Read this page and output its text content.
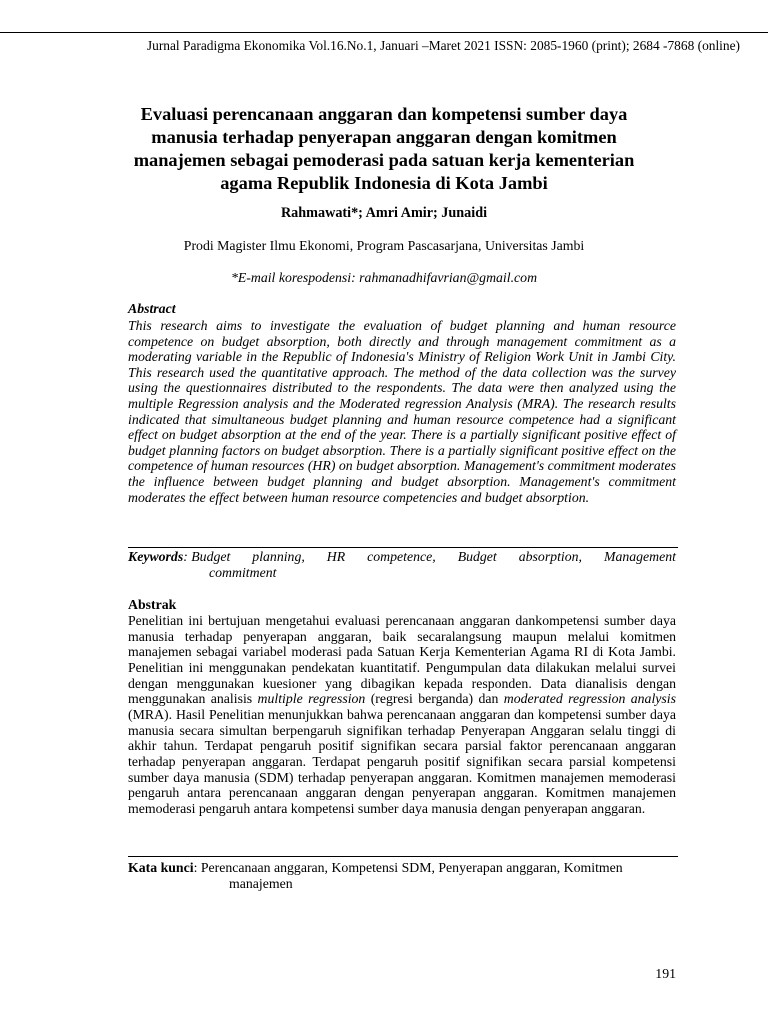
Jurnal Paradigma Ekonomika Vol.16.No.1, Januari –Maret 2021 ISSN: 2085-1960 (print); 2684 -7868 (online)
Evaluasi perencanaan anggaran dan kompetensi sumber daya
manusia terhadap penyerapan anggaran dengan komitmen
manajemen sebagai pemoderasi pada satuan kerja kementerian
agama Republik Indonesia di Kota Jambi
Rahmawati*; Amri Amir; Junaidi
Prodi Magister Ilmu Ekonomi, Program Pascasarjana, Universitas Jambi
*E-mail korespodensi: rahmanadhifavrian@gmail.com
Abstract
This research aims to investigate the evaluation of budget planning and human resource competence on budget absorption, both directly and through management commitment as a moderating variable in the Republic of Indonesia's Ministry of Religion Work Unit in Jambi City. This research used the quantitative approach. The method of the data collection was the survey using the questionnaires distributed to the respondents. The data were then analyzed using the multiple Regression analysis and the Moderated regression Analysis (MRA). The research results indicated that simultaneous budget planning and human resource competence had a significant effect on budget absorption at the end of the year. There is a partially significant positive effect of budget planning factors on budget absorption. There is a partially significant positive effect on the competence of human resources (HR) on budget absorption. Management's commitment moderates the influence between budget planning and budget absorption. Management's commitment moderates the effect between human resource competencies and budget absorption.
Keywords: Budget planning, HR competence, Budget absorption, Management
commitment
Abstrak
Penelitian ini bertujuan mengetahui evaluasi perencanaan anggaran dankompetensi sumber daya manusia terhadap penyerapan anggaran, baik secaralangsung maupun melalui komitmen manajemen sebagai variabel moderasi pada Satuan Kerja Kementerian Agama RI di Kota Jambi. Penelitian ini menggunakan pendekatan kuantitatif. Pengumpulan data dilakukan melalui survei dengan menggunakan kuesioner yang dibagikan kepada responden. Data dianalisis dengan menggunakan analisis multiple regression (regresi berganda) dan moderated regression analysis (MRA). Hasil Penelitian menunjukkan bahwa perencanaan anggaran dan kompetensi sumber daya manusia secara simultan berpengaruh signifikan terhadap Penyerapan Anggaran selalu tinggi di akhir tahun. Terdapat pengaruh positif signifikan secara parsial faktor perencanaan anggaran terhadap penyerapan anggaran. Terdapat pengaruh positif signifikan secara parsial kompetensi sumber daya manusia (SDM) terhadap penyerapan anggaran. Komitmen manajemen memoderasi pengaruh antara perencanaan anggaran dengan penyerapan anggaran. Komitmen manajemen memoderasi pengaruh antara kompetensi sumber daya manusia dengan penyerapan anggaran.
Kata kunci: Perencanaan anggaran, Kompetensi SDM, Penyerapan anggaran, Komitmen
manajemen
191
